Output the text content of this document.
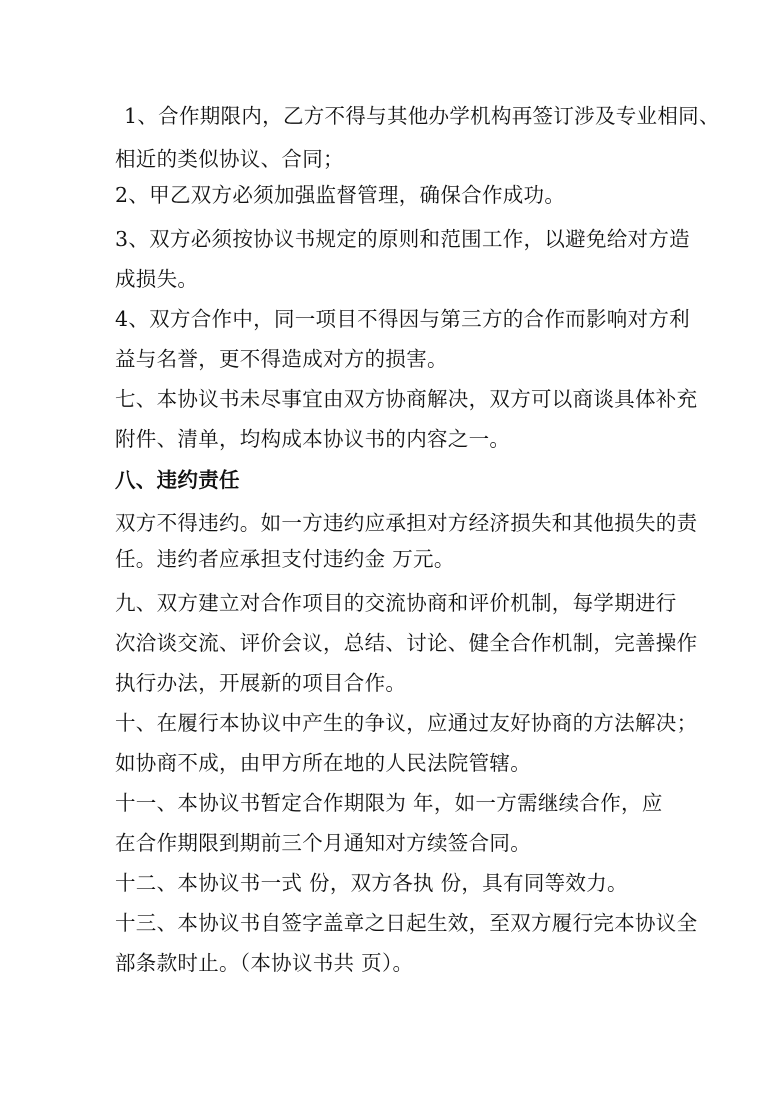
1、合作期限内，乙方不得与其他办学机构再签订涉及专业相同、
相近的类似协议、合同；
2、甲乙双方必须加强监督管理，确保合作成功。
3、双方必须按协议书规定的原则和范围工作，以避免给对方造
成损失。
4、双方合作中，同一项目不得因与第三方的合作而影响对方利
益与名誉，更不得造成对方的损害。
七、本协议书未尽事宜由双方协商解决，双方可以商谈具体补充
附件、清单，均构成本协议书的内容之一。
八、违约责任
双方不得违约。如一方违约应承担对方经济损失和其他损失的责
任。违约者应承担支付违约金 万元。
九、双方建立对合作项目的交流协商和评价机制，每学期进行
次洽谈交流、评价会议，总结、讨论、健全合作机制，完善操作
执行办法，开展新的项目合作。
十、在履行本协议中产生的争议，应通过友好协商的方法解决；
如协商不成，由甲方所在地的人民法院管辖。
十一、本协议书暂定合作期限为 年，如一方需继续合作，应
在合作期限到期前三个月通知对方续签合同。
十二、本协议书一式 份，双方各执 份，具有同等效力。
十三、本协议书自签字盖章之日起生效，至双方履行完本协议全
部条款时止。（本协议书共 页）。
